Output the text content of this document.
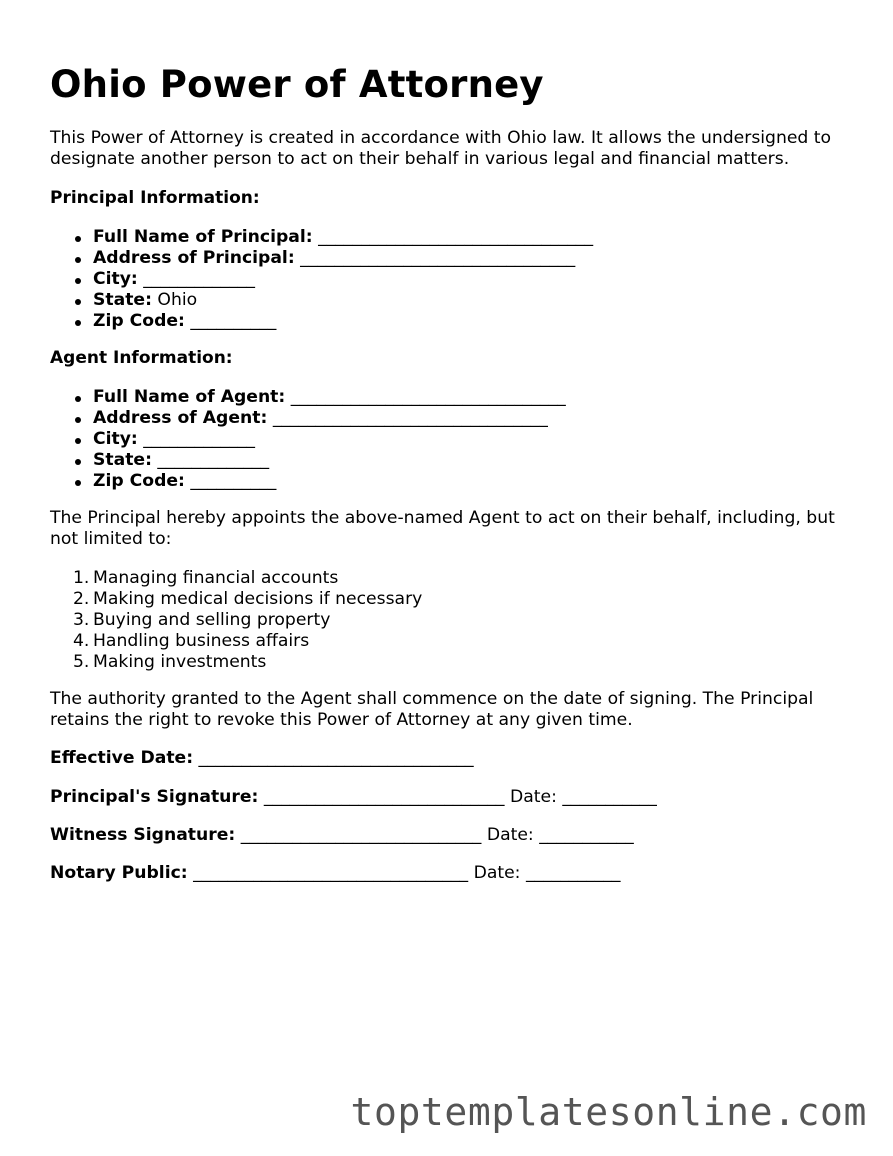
Ohio Power of Attorney

This Power of Attorney is created in accordance with Ohio law. It allows the undersigned to
designate another person to act on their behalf in various legal and financial matters.

Principal Information:

Full Name of Principal: ________________________________
Address of Principal: ________________________________
City: _____________
State: Ohio
Zip Code: __________

Agent Information:

Full Name of Agent: ________________________________
Address of Agent: ________________________________
City: _____________
State: _____________
Zip Code: __________

The Principal hereby appoints the above-named Agent to act on their behalf, including, but
not limited to:

1. Managing financial accounts
2. Making medical decisions if necessary
3. Buying and selling property
4. Handling business affairs
5. Making investments

The authority granted to the Agent shall commence on the date of signing. The Principal
retains the right to revoke this Power of Attorney at any given time.

Effective Date: ________________________________

Principal's Signature: ____________________________ Date: ___________

Witness Signature: ____________________________ Date: ___________

Notary Public: ________________________________ Date: ___________

toptemplatesonline.com
